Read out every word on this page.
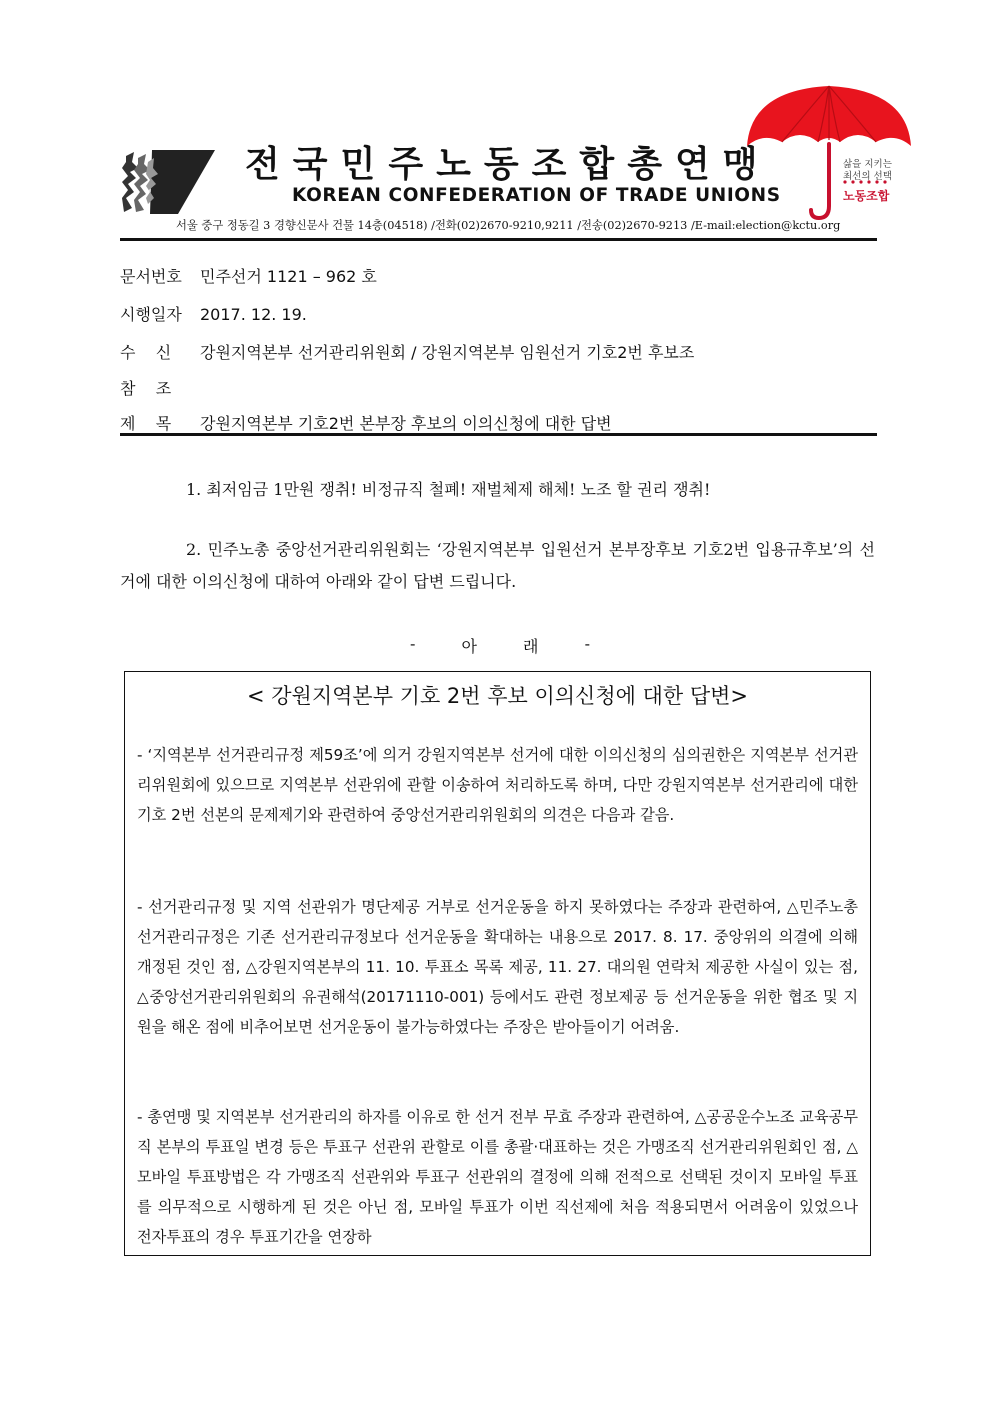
전국민주노동조합총연맹
KOREAN CONFEDERATION OF TRADE UNIONS
삶을 지키는
최선의 선택
노동조합
서울 중구 정동길 3 경향신문사 건물 14층(04518) /전화(02)2670-9210,9211 /전송(02)2670-9213 /E-mail:election@kctu.org
문서번호 민주선거 1121 – 962 호
시행일자 2017. 12. 19.
수    신 강원지역본부 선거관리위원회 / 강원지역본부 임원선거 기호2번 후보조
참    조
제    목 강원지역본부 기호2번 본부장 후보의 이의신청에 대한 답변
1. 최저임금 1만원 쟁취! 비정규직 철폐! 재벌체제 해체! 노조 할 권리 쟁취!
2. 민주노총 중앙선거관리위원회는 ‘강원지역본부 입원선거 본부장후보 기호2번 입용규후보’의 선거에 대한 이의신청에 대하여 아래와 같이 답변 드립니다.
-	아	래	-
< 강원지역본부 기호 2번 후보 이의신청에 대한 답변>
- ‘지역본부 선거관리규정 제59조’에 의거 강원지역본부 선거에 대한 이의신청의 심의권한은 지역본부 선거관리위원회에 있으므로 지역본부 선관위에 관할 이송하여 처리하도록 하며, 다만 강원지역본부 선거관리에 대한 기호 2번 선본의 문제제기와 관련하여 중앙선거관리위원회의 의견은 다음과 같음.
- 선거관리규정 및 지역 선관위가 명단제공 거부로 선거운동을 하지 못하였다는 주장과 관련하여, △민주노총 선거관리규정은 기존 선거관리규정보다 선거운동을 확대하는 내용으로 2017. 8. 17. 중앙위의 의결에 의해 개정된 것인 점, △강원지역본부의 11. 10. 투표소 목록 제공, 11. 27. 대의원 연락처 제공한 사실이 있는 점, △중앙선거관리위원회의 유권해석(20171110-001) 등에서도 관련 정보제공 등 선거운동을 위한 협조 및 지원을 해온 점에 비추어보면 선거운동이 불가능하였다는 주장은 받아들이기 어려움.
- 총연맹 및 지역본부 선거관리의 하자를 이유로 한 선거 전부 무효 주장과 관련하여, △공공운수노조 교육공무직 본부의 투표일 변경 등은 투표구 선관위 관할로 이를 총괄‧대표하는 것은 가맹조직 선거관리위원회인 점, △모바일 투표방법은 각 가맹조직 선관위와 투표구 선관위의 결정에 의해 전적으로 선택된 것이지 모바일 투표를 의무적으로 시행하게 된 것은 아닌 점, 모바일 투표가 이번 직선제에 처음 적용되면서 어려움이 있었으나 전자투표의 경우 투표기간을 연장하
